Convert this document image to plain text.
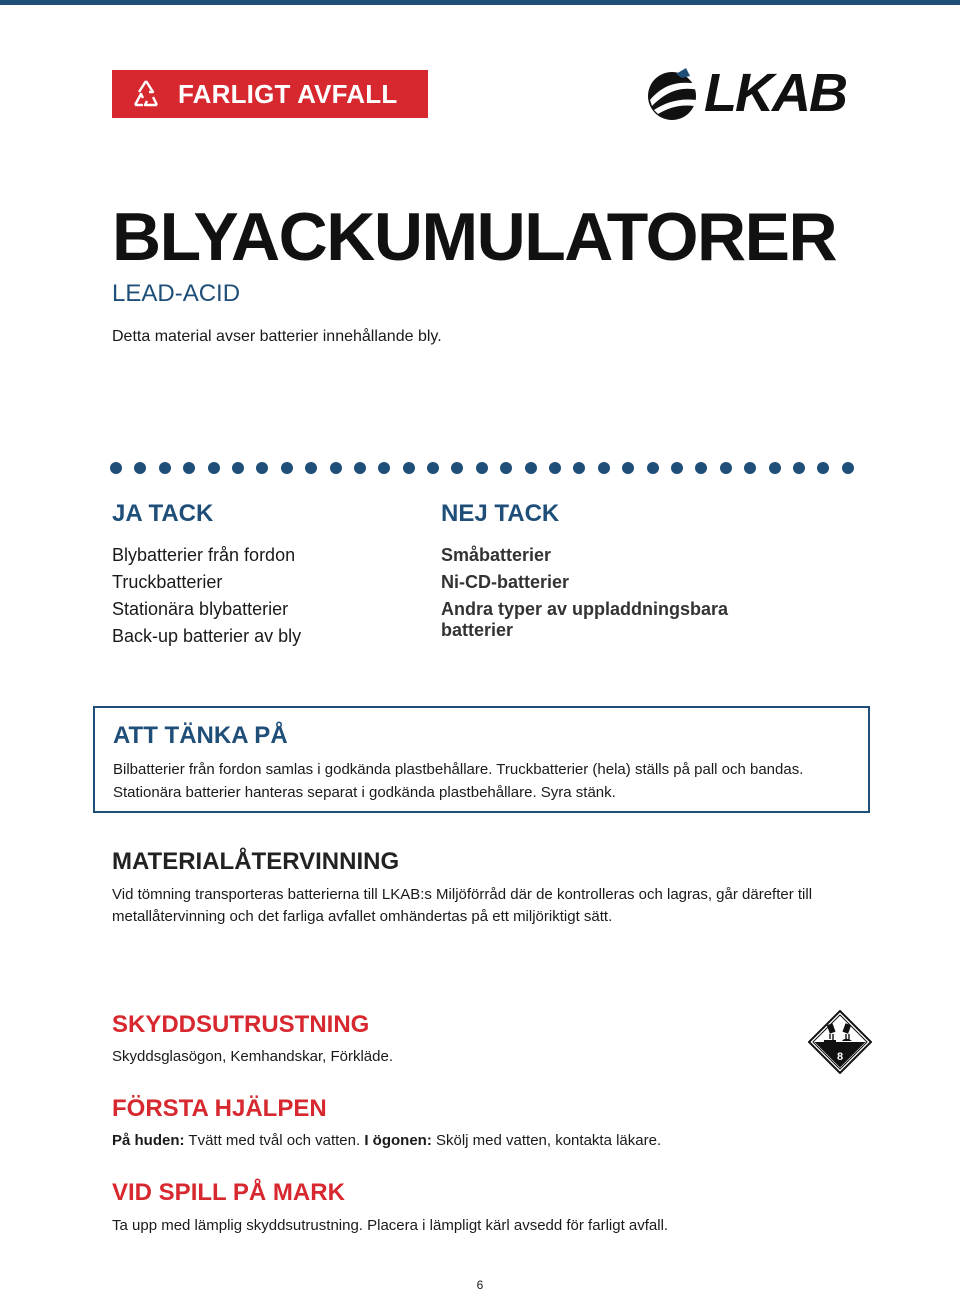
FARLIGT AVFALL	LKAB
BLYACKUMULATORER
LEAD-ACID
Detta material avser batterier innehållande bly.
JA TACK
Blybatterier från fordon
Truckbatterier
Stationära blybatterier
Back-up batterier av bly
NEJ TACK
Småbatterier
Ni-CD-batterier
Andra typer av uppladdningsbara batterier
ATT TÄNKA PÅ
Bilbatterier från fordon samlas i godkända plastbehållare. Truckbatterier (hela) ställs på pall och bandas. Stationära batterier hanteras separat i godkända plastbehållare. Syra stänk.
MATERIALÅTERVINNING
Vid tömning transporteras batterierna till LKAB:s Miljöförråd där de kontrolleras och lagras, går därefter till metallåtervinning och det farliga avfallet omhändertas på ett miljöriktigt sätt.
SKYDDSUTRUSTNING
Skyddsglasögon, Kemhandskar, Förkläde.	8
FÖRSTA HJÄLPEN
På huden: Tvätt med tvål och vatten. I ögonen: Skölj med vatten, kontakta läkare.
VID SPILL PÅ MARK
Ta upp med lämplig skyddsutrustning. Placera i lämpligt kärl avsedd för farligt avfall.
6
